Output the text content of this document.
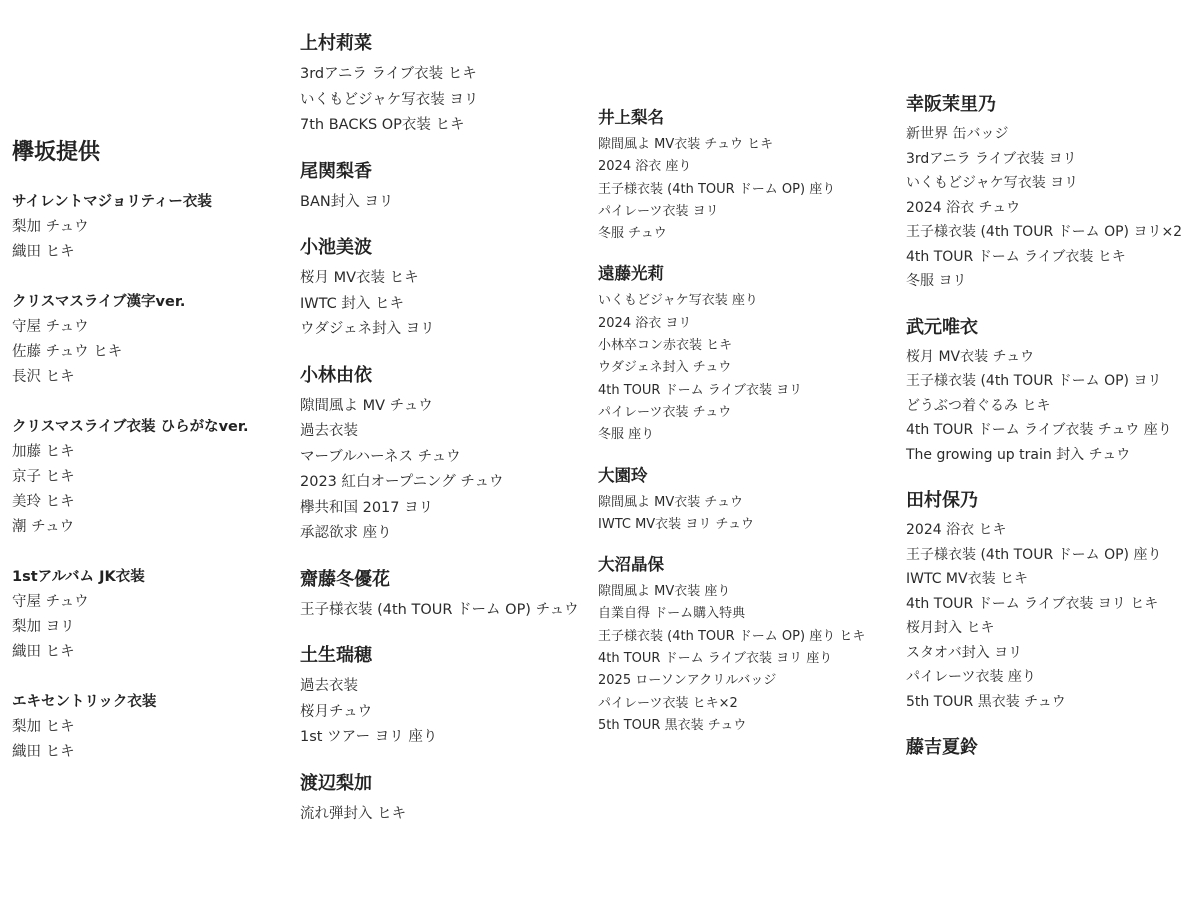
欅坂提供
サイレントマジョリティー衣装
梨加 チュウ
織田 ヒキ
クリスマスライブ漢字ver.
守屋 チュウ
佐藤 チュウ ヒキ
長沢 ヒキ
クリスマスライブ衣装 ひらがなver.
加藤 ヒキ
京子 ヒキ
美玲 ヒキ
潮 チュウ
1stアルバム JK衣装
守屋 チュウ
梨加 ヨリ
織田 ヒキ
エキセントリック衣装
梨加 ヒキ
織田 ヒキ
上村莉菜
3rdアニラ ライブ衣装 ヒキ
いくもどジャケ写衣装 ヨリ
7th BACKS OP衣装 ヒキ
尾関梨香
BAN封入 ヨリ
小池美波
桜月 MV衣装 ヒキ
IWTC 封入 ヒキ
ウダジェネ封入 ヨリ
小林由依
隙間風よ MV チュウ
過去衣装
マーブルハーネス チュウ
2023 紅白オープニング チュウ
欅共和国 2017 ヨリ
承認欲求 座り
齋藤冬優花
王子様衣装 (4th TOUR ドーム OP) チュウ
土生瑞穂
過去衣装
桜月チュウ
1st ツアー ヨリ 座り
渡辺梨加
流れ弾封入 ヒキ
井上梨名
隙間風よ MV衣装 チュウ ヒキ
2024 浴衣 座り
王子様衣装 (4th TOUR ドーム OP) 座り
パイレーツ衣装 ヨリ
冬服 チュウ
遠藤光莉
いくもどジャケ写衣装 座り
2024 浴衣 ヨリ
小林卒コン赤衣装 ヒキ
ウダジェネ封入 チュウ
4th TOUR ドーム ライブ衣装 ヨリ
パイレーツ衣装 チュウ
冬服 座り
大園玲
隙間風よ MV衣装 チュウ
IWTC MV衣装 ヨリ チュウ
大沼晶保
隙間風よ MV衣装 座り
自業自得 ドーム購入特典
王子様衣装 (4th TOUR ドーム OP) 座り ヒキ
4th TOUR ドーム ライブ衣装 ヨリ 座り
2025 ローソンアクリルバッジ
パイレーツ衣装 ヒキ×2
5th TOUR 黒衣装 チュウ
幸阪茉里乃
新世界 缶バッジ
3rdアニラ ライブ衣装 ヨリ
いくもどジャケ写衣装 ヨリ
2024 浴衣 チュウ
王子様衣装 (4th TOUR ドーム OP) ヨリ×2
4th TOUR ドーム ライブ衣装 ヒキ
冬服 ヨリ
武元唯衣
桜月 MV衣装 チュウ
王子様衣装 (4th TOUR ドーム OP) ヨリ
どうぶつ着ぐるみ ヒキ
4th TOUR ドーム ライブ衣装 チュウ 座り
The growing up train 封入 チュウ
田村保乃
2024 浴衣 ヒキ
王子様衣装 (4th TOUR ドーム OP) 座り
IWTC MV衣装 ヒキ
4th TOUR ドーム ライブ衣装 ヨリ ヒキ
桜月封入 ヒキ
スタオバ封入 ヨリ
パイレーツ衣装 座り
5th TOUR 黒衣装 チュウ
藤吉夏鈴
